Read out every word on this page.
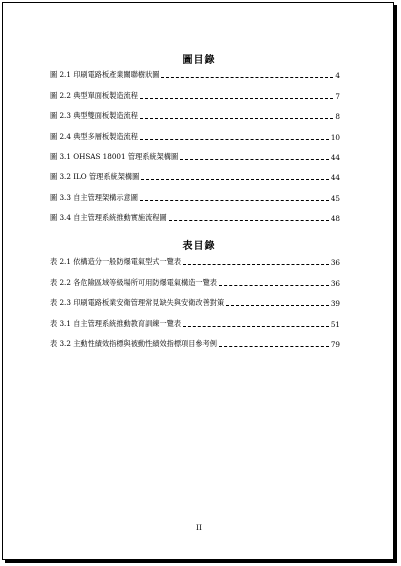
圖目錄
圖 2.1 印刷電路板產業關聯樹狀圖	4
圖 2.2 典型單面板製造流程	7
圖 2.3 典型雙面板製造流程	8
圖 2.4 典型多層板製造流程	10
圖 3.1 OHSAS 18001 管理系統架構圖	44
圖 3.2 ILO 管理系統架構圖	44
圖 3.3 自主管理架構示意圖	45
圖 3.4 自主管理系統推動實施流程圖	48
表目錄
表 2.1 依構造分一般防爆電氣型式一覽表	36
表 2.2 各危險區域等級場所可用防爆電氣構造一覽表	36
表 2.3 印刷電路板業安衛管理常見缺失與安衛改善對策	39
表 3.1 自主管理系統推動教育訓練一覽表	51
表 3.2 主動性績效指標與被動性績效指標項目參考例	79
II
